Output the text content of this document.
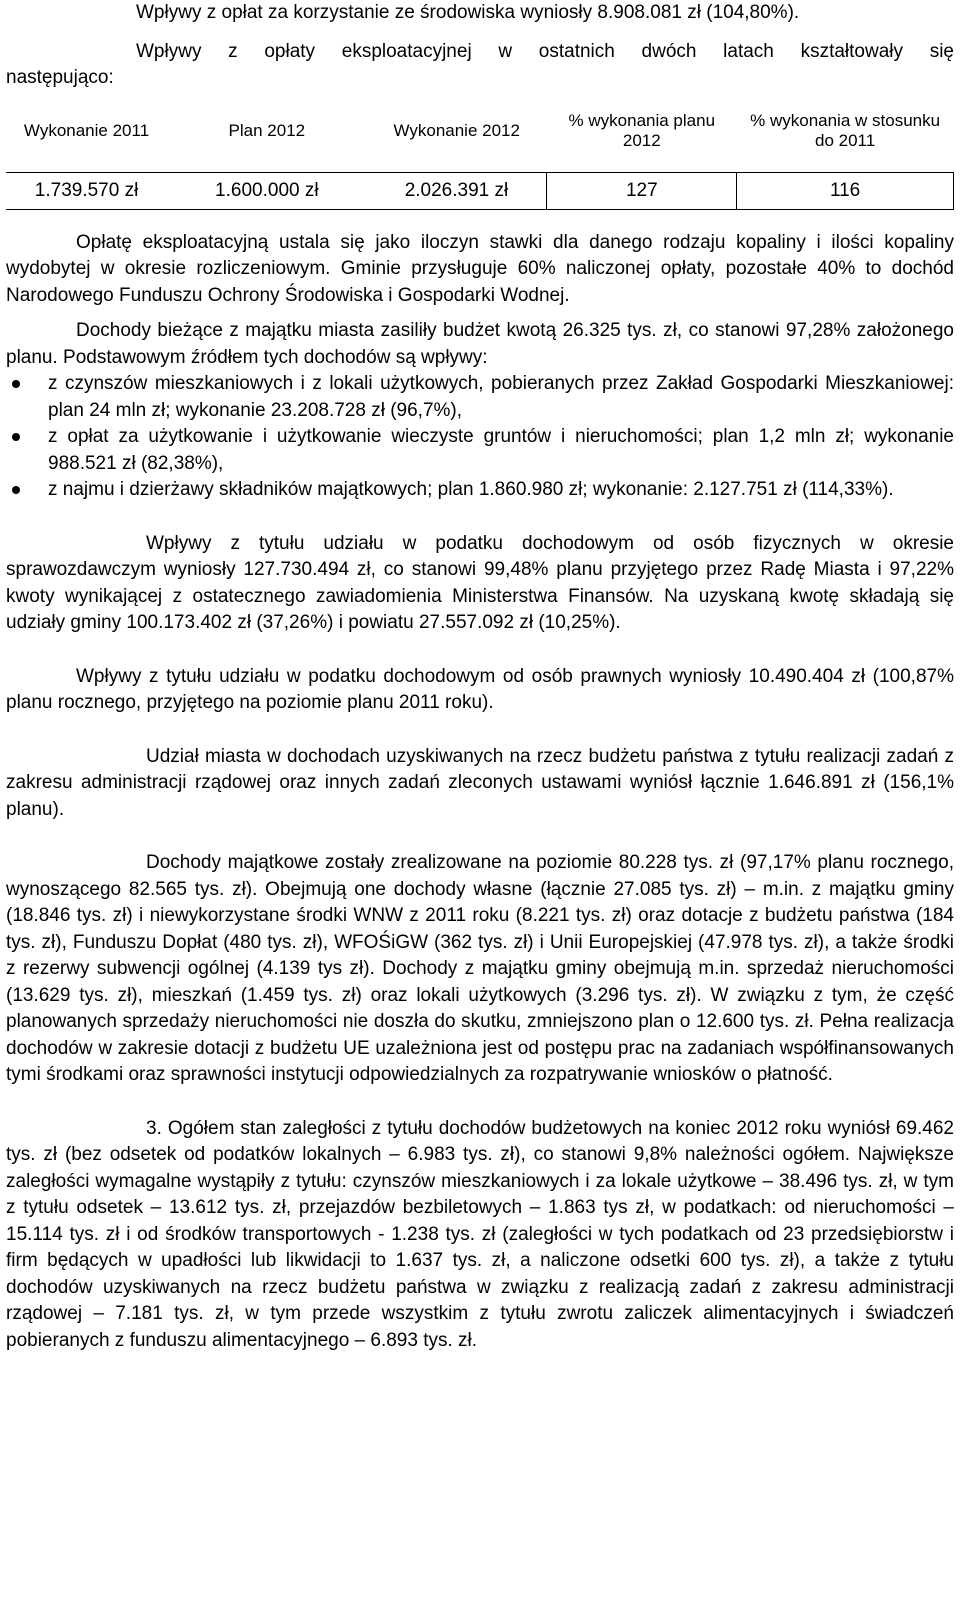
Wpływy z opłat za korzystanie ze środowiska wyniosły 8.908.081 zł (104,80%).

Wpływy z opłaty eksploatacyjnej w ostatnich dwóch latach kształtowały się

następująco:

Wykonanie 2011	Plan 2012	Wykonanie 2012	% wykonania planu 2012	% wykonania w stosunku do 2011
1.739.570 zł	1.600.000 zł	2.026.391 zł	127	116

Opłatę eksploatacyjną ustala się jako iloczyn stawki dla danego rodzaju kopaliny i ilości kopaliny wydobytej w okresie rozliczeniowym. Gminie przysługuje 60% naliczonej opłaty, pozostałe 40% to dochód Narodowego Funduszu Ochrony Środowiska i Gospodarki Wodnej.

Dochody bieżące z majątku miasta zasiliły budżet kwotą 26.325 tys. zł, co stanowi 97,28% założonego planu. Podstawowym źródłem tych dochodów są wpływy:

z czynszów mieszkaniowych i z lokali użytkowych, pobieranych przez Zakład Gospodarki Mieszkaniowej: plan 24 mln zł; wykonanie 23.208.728 zł (96,7%),
z opłat za użytkowanie i użytkowanie wieczyste gruntów i nieruchomości; plan 1,2 mln zł; wykonanie 988.521 zł (82,38%),
z najmu i dzierżawy składników majątkowych; plan 1.860.980 zł; wykonanie: 2.127.751 zł (114,33%).

Wpływy z tytułu udziału w podatku dochodowym od osób fizycznych w okresie sprawozdawczym wyniosły 127.730.494 zł, co stanowi 99,48% planu przyjętego przez Radę Miasta i 97,22% kwoty wynikającej z ostatecznego zawiadomienia Ministerstwa Finansów. Na uzyskaną kwotę składają się udziały gminy 100.173.402 zł (37,26%) i powiatu 27.557.092 zł (10,25%).

Wpływy z tytułu udziału w podatku dochodowym od osób prawnych wyniosły 10.490.404 zł (100,87% planu rocznego, przyjętego na poziomie planu 2011 roku).

Udział miasta w dochodach uzyskiwanych na rzecz budżetu państwa z tytułu realizacji zadań z zakresu administracji rządowej oraz innych zadań zleconych ustawami wyniósł łącznie 1.646.891 zł (156,1% planu).

Dochody majątkowe zostały zrealizowane na poziomie 80.228 tys. zł (97,17% planu rocznego, wynoszącego 82.565 tys. zł). Obejmują one dochody własne (łącznie 27.085 tys. zł) – m.in. z majątku gminy (18.846 tys. zł) i niewykorzystane środki WNW z 2011 roku (8.221 tys. zł) oraz dotacje z budżetu państwa (184 tys. zł), Funduszu Dopłat (480 tys. zł), WFOŚiGW (362 tys. zł) i Unii Europejskiej (47.978 tys. zł), a także środki z rezerwy subwencji ogólnej (4.139 tys zł). Dochody z majątku gminy obejmują m.in. sprzedaż nieruchomości (13.629 tys. zł), mieszkań (1.459 tys. zł) oraz lokali użytkowych (3.296 tys. zł). W związku z tym, że część planowanych sprzedaży nieruchomości nie doszła do skutku, zmniejszono plan o 12.600 tys. zł. Pełna realizacja dochodów w zakresie dotacji z budżetu UE uzależniona jest od postępu prac na zadaniach współfinansowanych tymi środkami oraz sprawności instytucji odpowiedzialnych za rozpatrywanie wniosków o płatność.

3. Ogółem stan zaległości z tytułu dochodów budżetowych na koniec 2012 roku wyniósł 69.462 tys. zł (bez odsetek od podatków lokalnych – 6.983 tys. zł), co stanowi 9,8% należności ogółem. Największe zaległości wymagalne wystąpiły z tytułu: czynszów mieszkaniowych i za lokale użytkowe – 38.496 tys. zł, w tym z tytułu odsetek – 13.612 tys. zł, przejazdów bezbiletowych – 1.863 tys zł, w podatkach: od nieruchomości – 15.114 tys. zł i od środków transportowych - 1.238 tys. zł (zaległości w tych podatkach od 23 przedsiębiorstw i firm będących w upadłości lub likwidacji to 1.637 tys. zł, a naliczone odsetki 600 tys. zł), a także z tytułu dochodów uzyskiwanych na rzecz budżetu państwa w związku z realizacją zadań z zakresu administracji rządowej – 7.181 tys. zł, w tym przede wszystkim z tytułu zwrotu zaliczek alimentacyjnych i świadczeń pobieranych z funduszu alimentacyjnego – 6.893 tys. zł.
